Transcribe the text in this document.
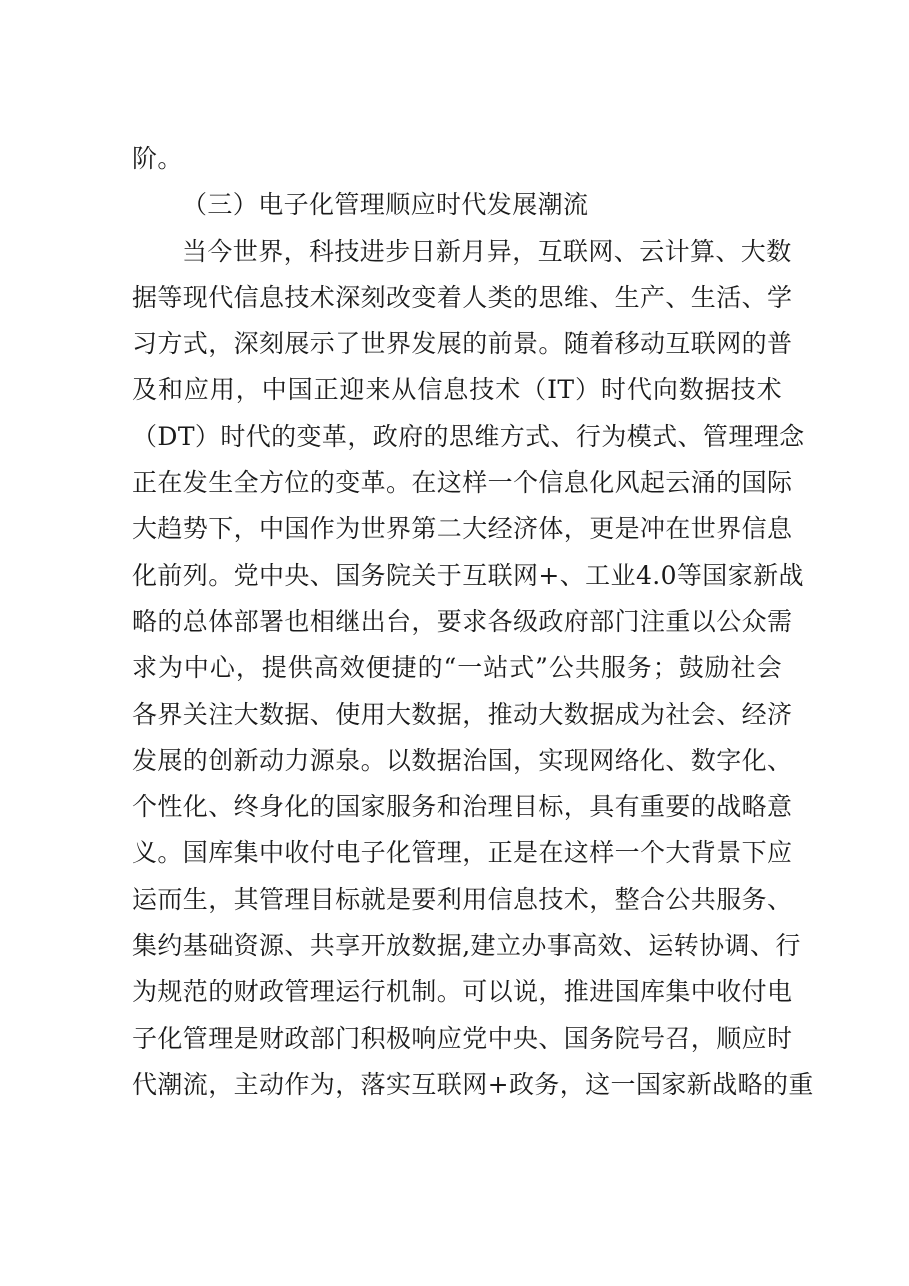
阶。
（三）电子化管理顺应时代发展潮流
当今世界，科技进步日新月异，互联网、云计算、大数
据等现代信息技术深刻改变着人类的思维、生产、生活、学
习方式，深刻展示了世界发展的前景。随着移动互联网的普
及和应用，中国正迎来从信息技术（IT）时代向数据技术
（DT）时代的变革，政府的思维方式、行为模式、管理理念
正在发生全方位的变革。在这样一个信息化风起云涌的国际
大趋势下，中国作为世界第二大经济体，更是冲在世界信息
化前列。党中央、国务院关于互联网+、工业4.0等国家新战
略的总体部署也相继出台，要求各级政府部门注重以公众需
求为中心，提供高效便捷的“一站式”公共服务；鼓励社会
各界关注大数据、使用大数据，推动大数据成为社会、经济
发展的创新动力源泉。以数据治国，实现网络化、数字化、
个性化、终身化的国家服务和治理目标，具有重要的战略意
义。国库集中收付电子化管理，正是在这样一个大背景下应
运而生，其管理目标就是要利用信息技术，整合公共服务、
集约基础资源、共享开放数据,建立办事高效、运转协调、行
为规范的财政管理运行机制。可以说，推进国库集中收付电
子化管理是财政部门积极响应党中央、国务院号召，顺应时
代潮流，主动作为，落实互联网+政务，这一国家新战略的重
